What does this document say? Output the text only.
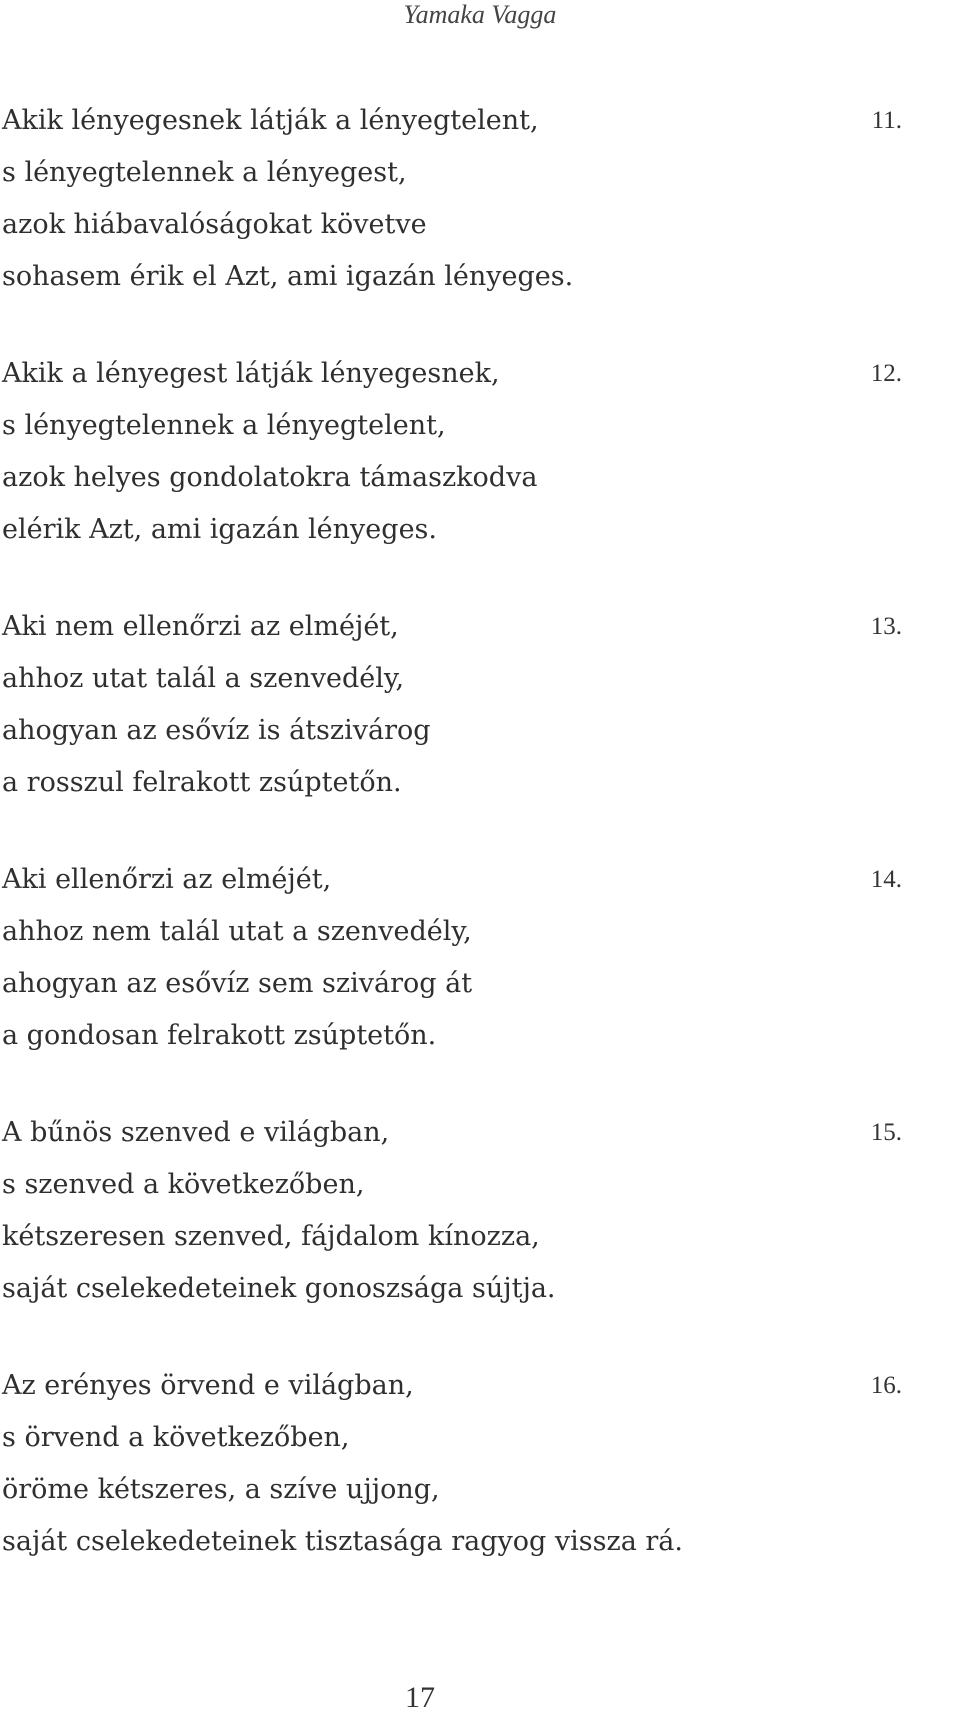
Yamaka Vagga
Akik lényegesnek látják a lényegtelent,
s lényegtelennek a lényegest,
azok hiábavalóságokat követve
sohasem érik el Azt, ami igazán lényeges.
11.
Akik a lényegest látják lényegesnek,
s lényegtelennek a lényegtelent,
azok helyes gondolatokra támaszkodva
elérik Azt, ami igazán lényeges.
12.
Aki nem ellenőrzi az elméjét,
ahhoz utat talál a szenvedély,
ahogyan az esővíz is átszivárog
a rosszul felrakott zsúptetőn.
13.
Aki ellenőrzi az elméjét,
ahhoz nem talál utat a szenvedély,
ahogyan az esővíz sem szivárog át
a gondosan felrakott zsúptetőn.
14.
A bűnös szenved e világban,
s szenved a következőben,
kétszeresen szenved, fájdalom kínozza,
saját cselekedeteinek gonoszsága sújtja.
15.
Az erényes örvend e világban,
s örvend a következőben,
öröme kétszeres, a szíve ujjong,
saját cselekedeteinek tisztasága ragyog vissza rá.
16.
17
